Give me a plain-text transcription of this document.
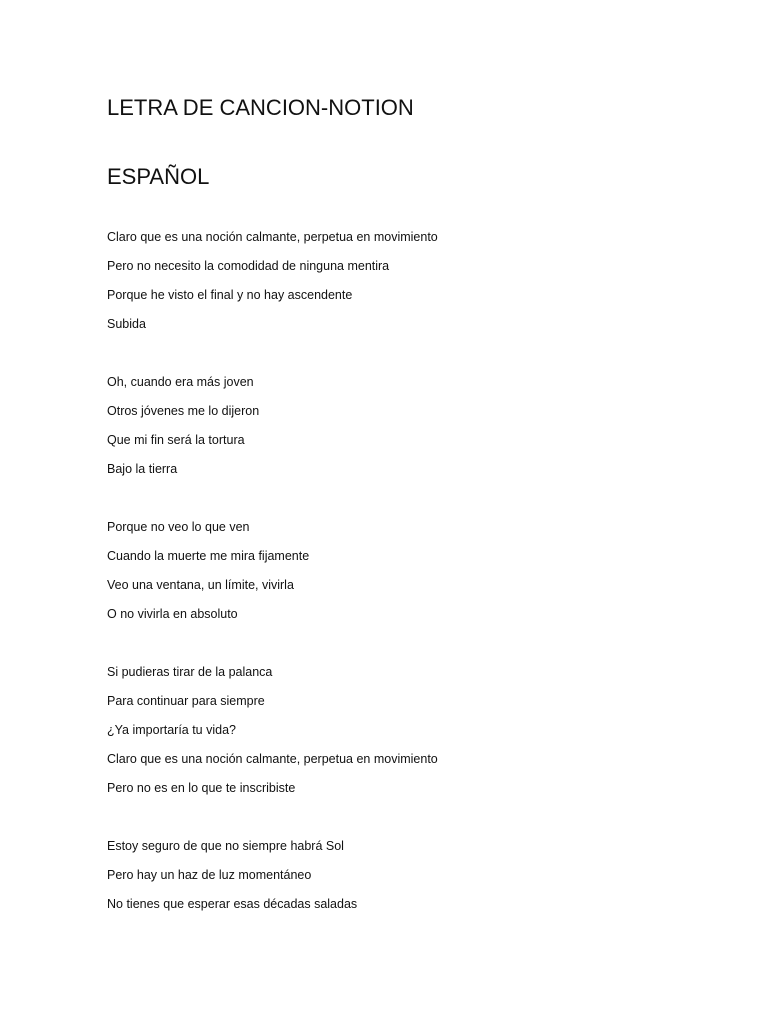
LETRA DE CANCION-NOTION
ESPAÑOL
Claro que es una noción calmante, perpetua en movimiento
Pero no necesito la comodidad de ninguna mentira
Porque he visto el final y no hay ascendente
Subida
Oh, cuando era más joven
Otros jóvenes me lo dijeron
Que mi fin será la tortura
Bajo la tierra
Porque no veo lo que ven
Cuando la muerte me mira fijamente
Veo una ventana, un límite, vivirla
O no vivirla en absoluto
Si pudieras tirar de la palanca
Para continuar para siempre
¿Ya importaría tu vida?
Claro que es una noción calmante, perpetua en movimiento
Pero no es en lo que te inscribiste
Estoy seguro de que no siempre habrá Sol
Pero hay un haz de luz momentáneo
No tienes que esperar esas décadas saladas
